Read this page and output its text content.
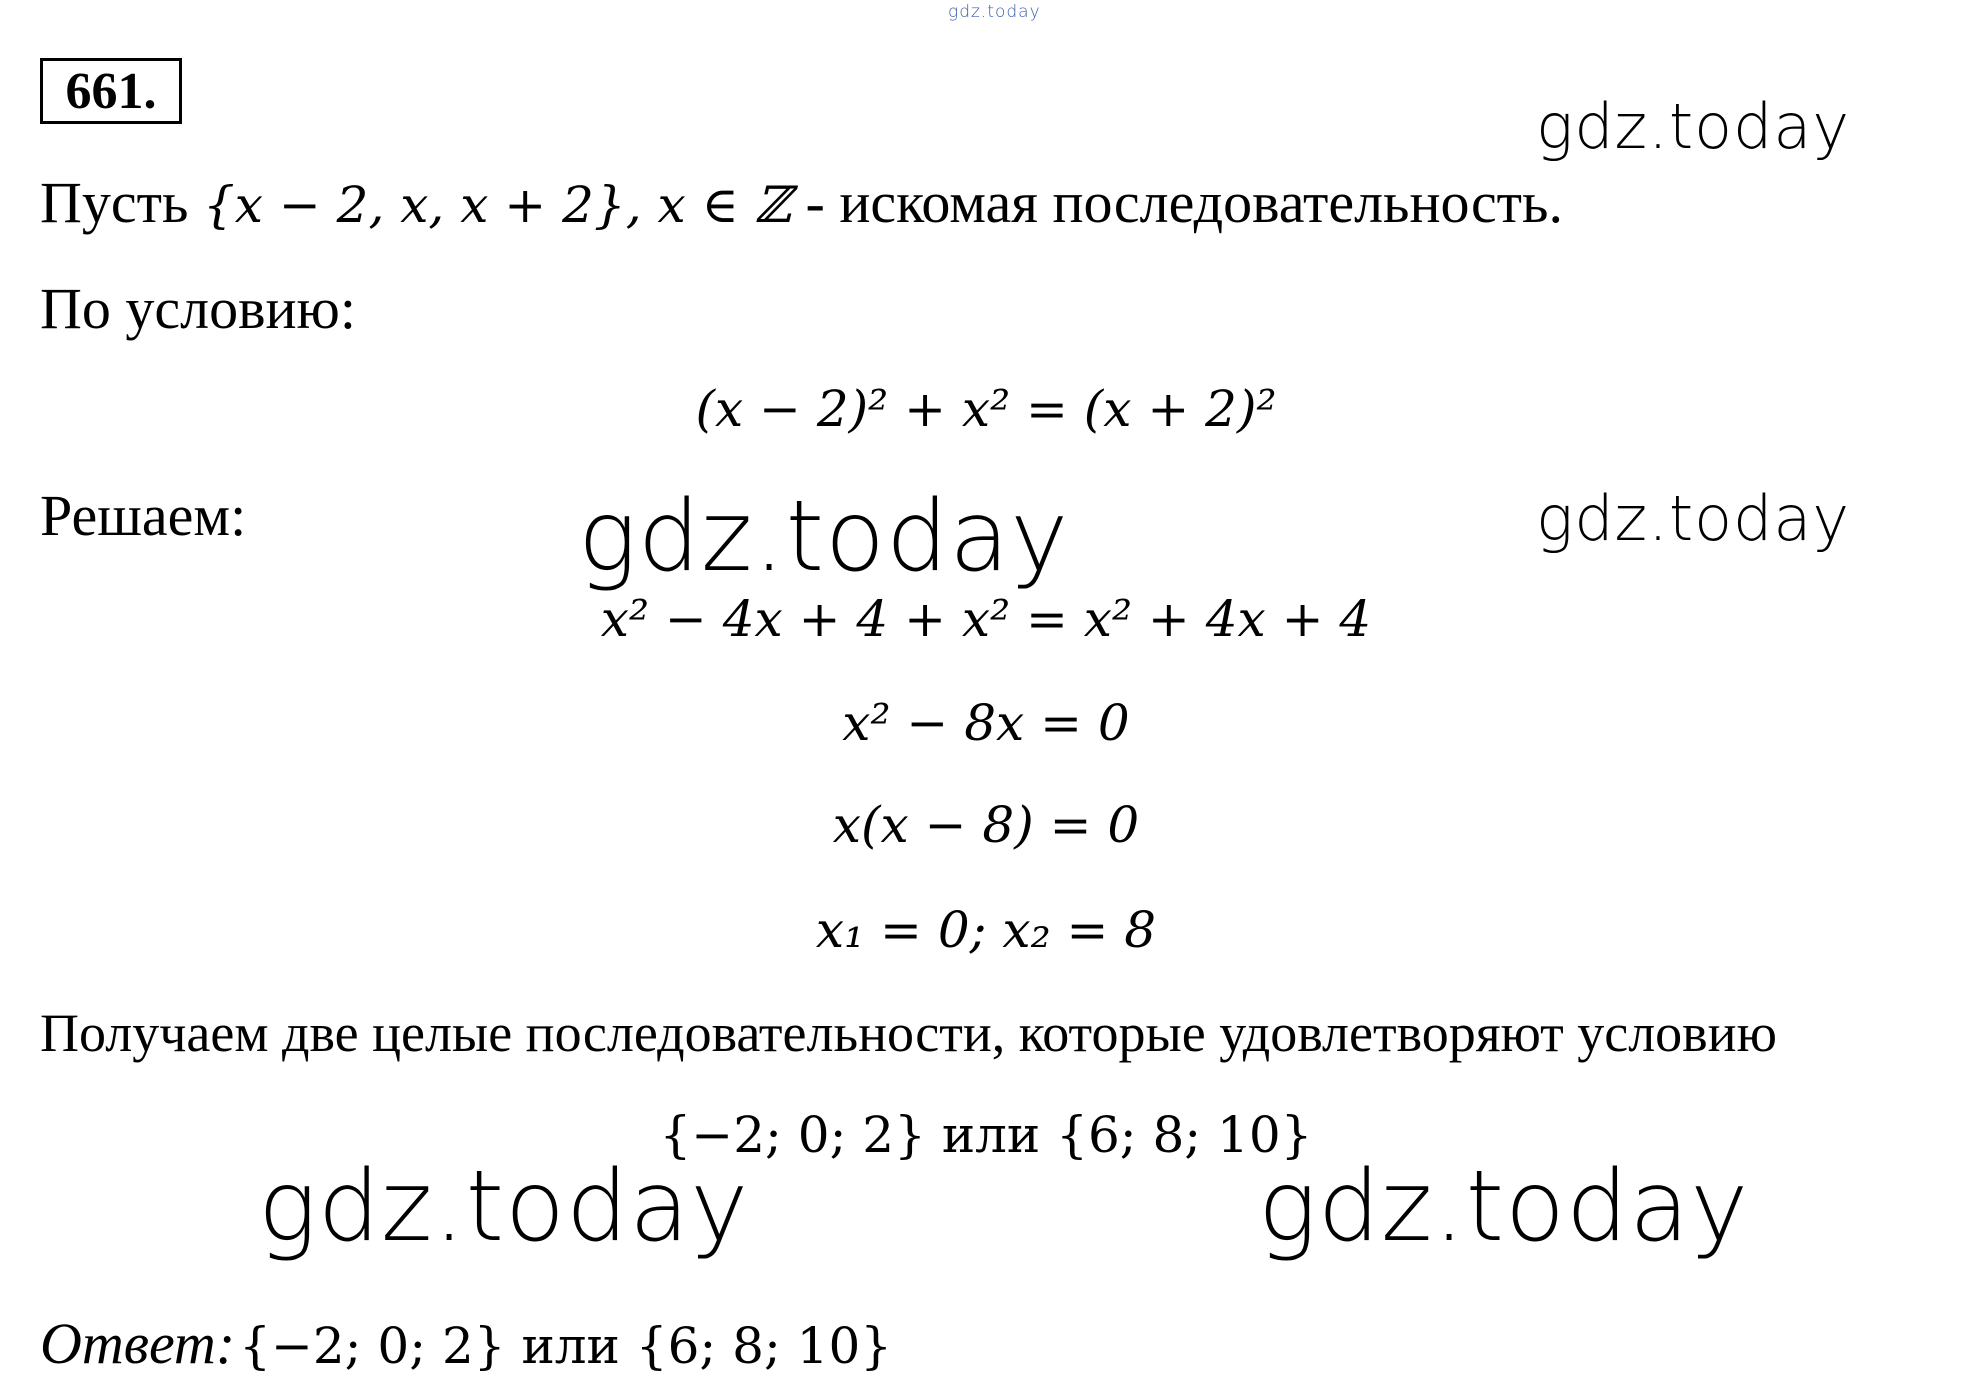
gdz.today
661.	gdz.today
Пусть {x − 2, x, x + 2}, x ∈ ℤ - искомая последовательность.
По условию:
(x − 2)² + x² = (x + 2)²
Решаем:	gdz.today	gdz.today
x² − 4x + 4 + x² = x² + 4x + 4
x² − 8x = 0
x(x − 8) = 0
x₁ = 0; x₂ = 8
Получаем две целые последовательности, которые удовлетворяют условию
{−2; 0; 2} или {6; 8; 10}
gdz.today	gdz.today
Ответ: {−2; 0; 2} или {6; 8; 10}
